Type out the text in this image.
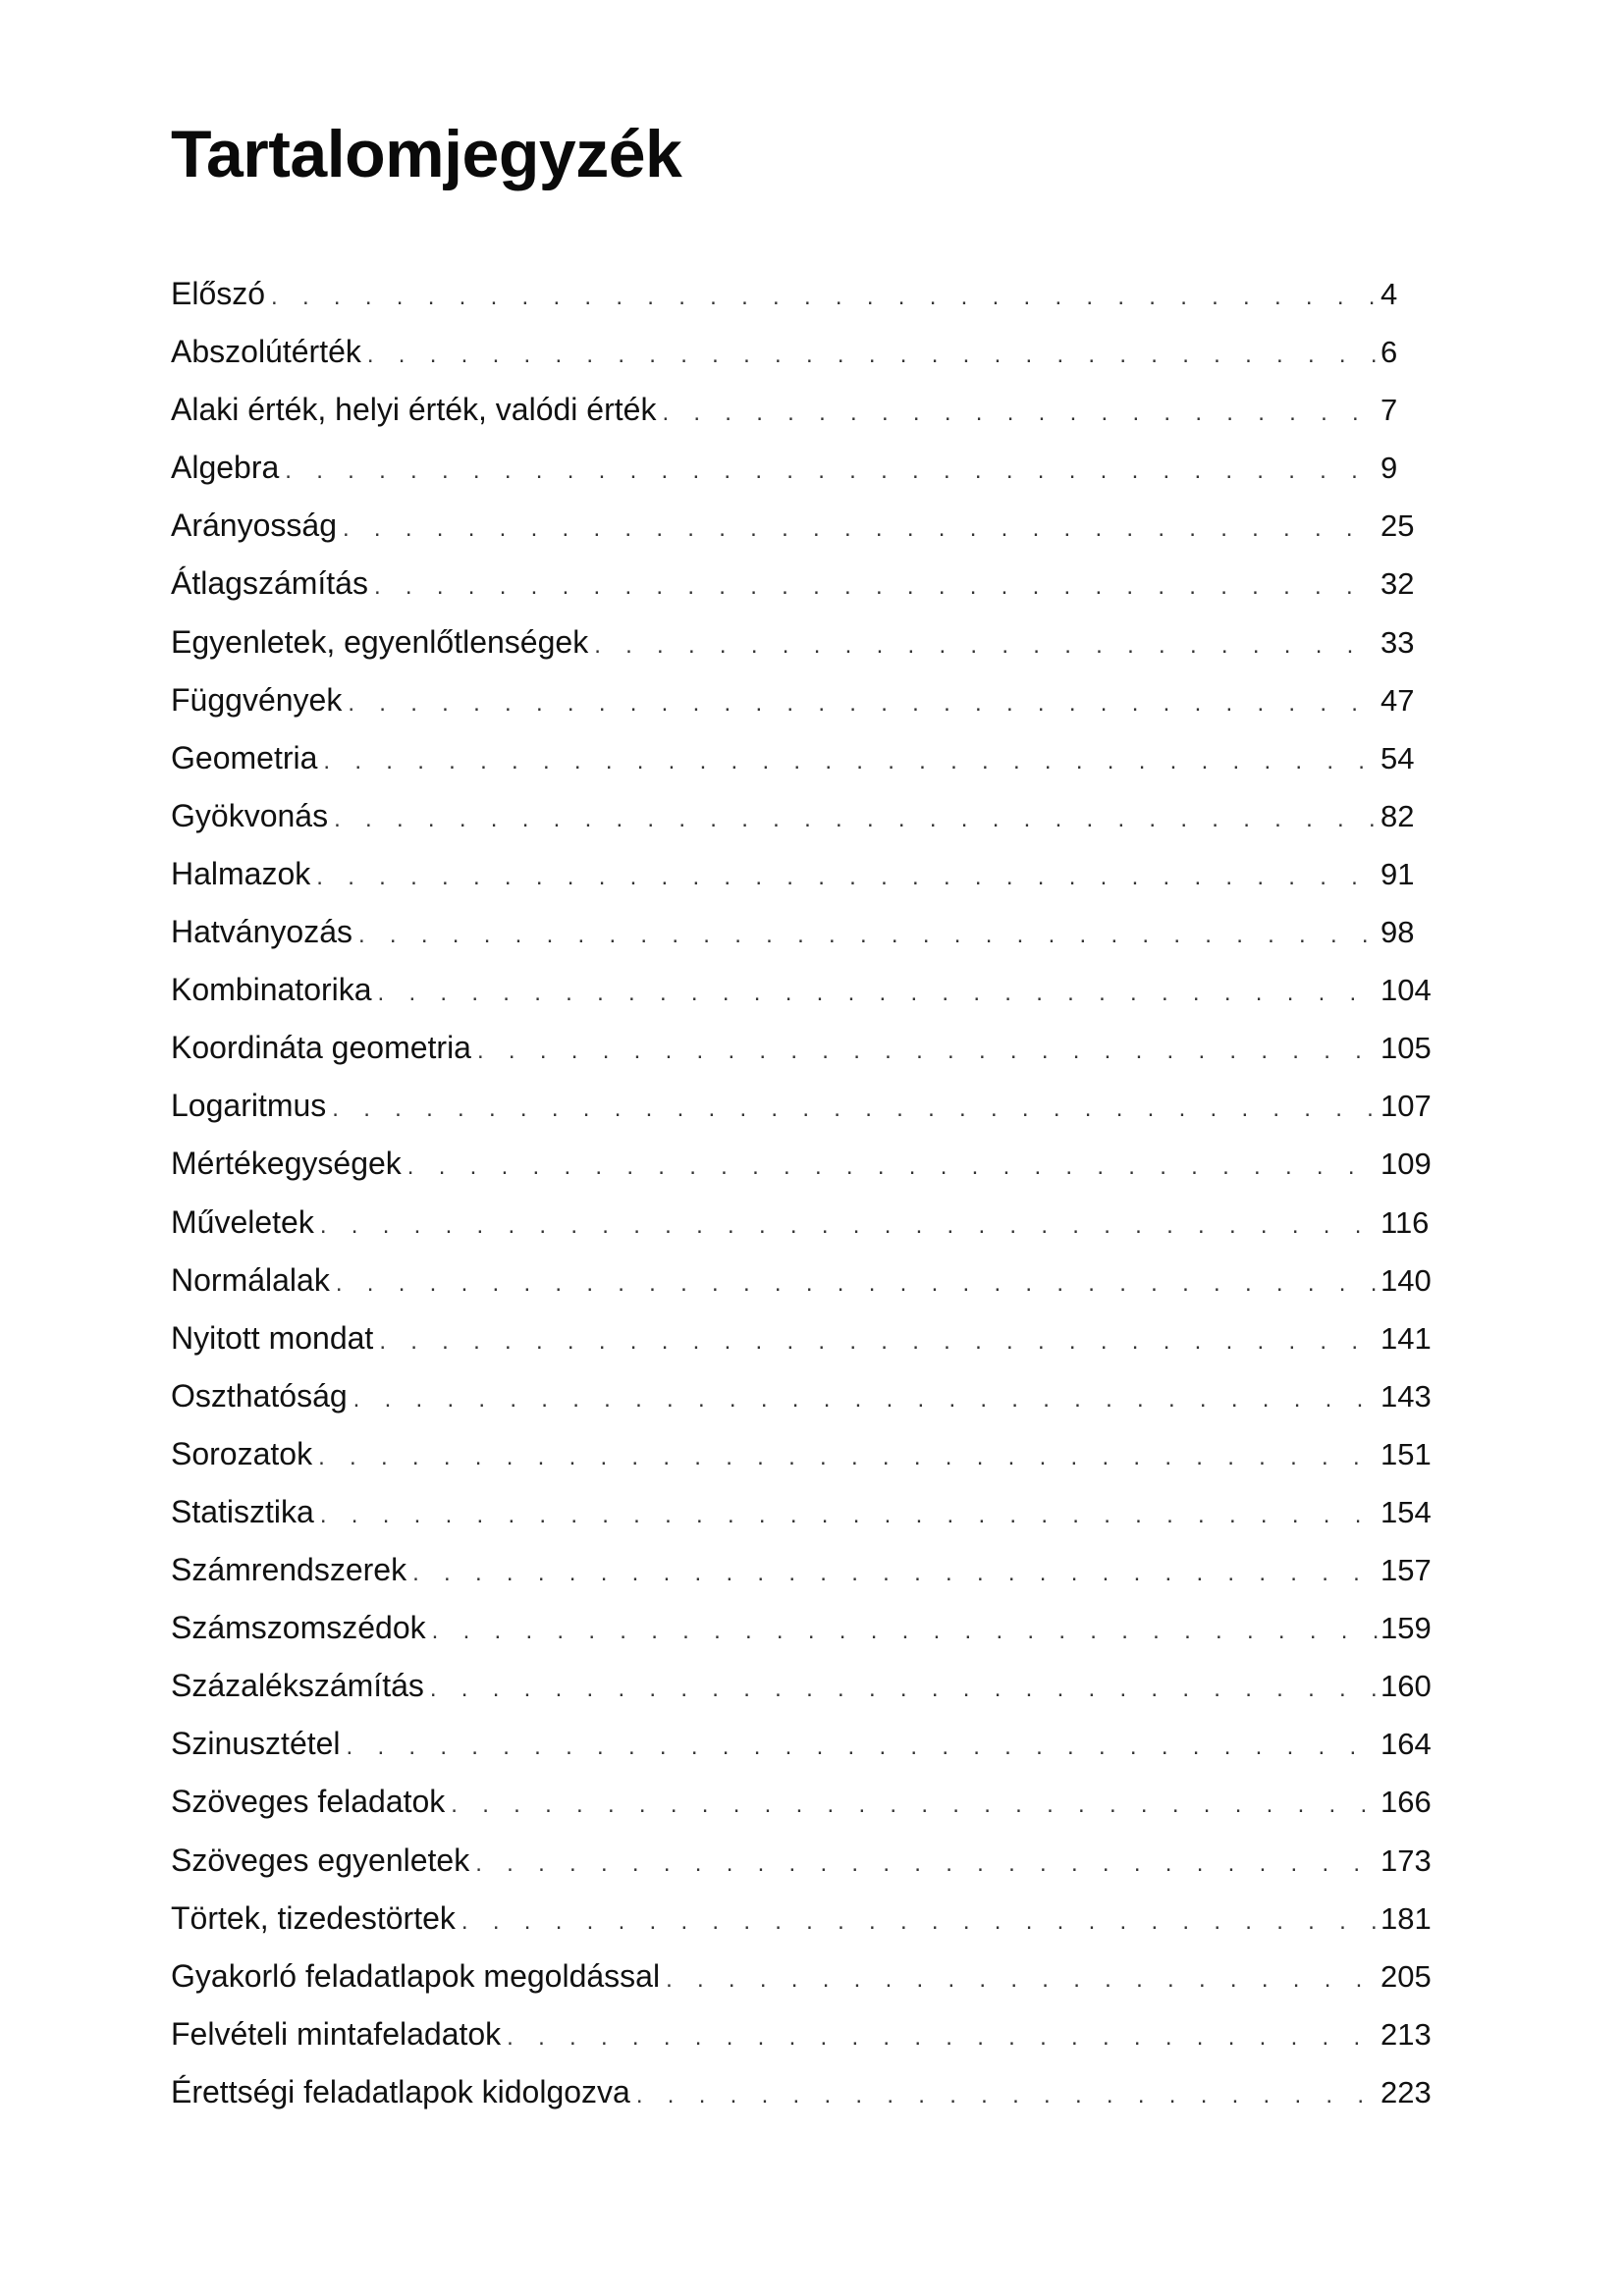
Tartalomjegyzék
Előszó . . .	4
Abszolútérték . . .	6
Alaki érték, helyi érték, valódi érték . . .	7
Algebra . . .	9
Arányosság . . .	25
Átlagszámítás . . .	32
Egyenletek, egyenlőtlenségek . . .	33
Függvények . . .	47
Geometria . . .	54
Gyökvonás . . .	82
Halmazok . . .	91
Hatványozás . . .	98
Kombinatorika . . .	104
Koordináta geometria . . .	105
Logaritmus . . .	107
Mértékegységek . . .	109
Műveletek . . .	116
Normálalak . . .	140
Nyitott mondat . . .	141
Oszthatóság . . .	143
Sorozatok . . .	151
Statisztika . . .	154
Számrendszerek . . .	157
Számszomszédok . . .	159
Százalékszámítás . . .	160
Szinusztétel . . .	164
Szöveges feladatok . . .	166
Szöveges egyenletek . . .	173
Törtek, tizedestörtek . . .	181
Gyakorló feladatlapok megoldással . . .	205
Felvételi mintafeladatok . . .	213
Érettségi feladatlapok kidolgozva . . .	223
